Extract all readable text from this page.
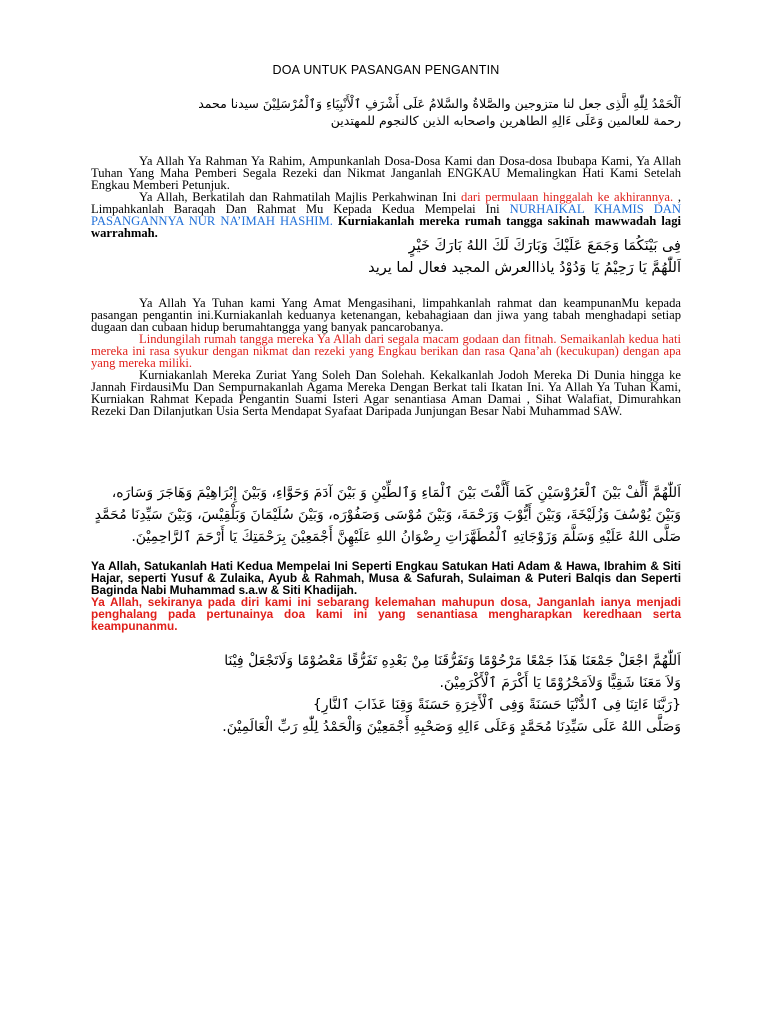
DOA UNTUK PASANGAN PENGANTIN
اَلْحَمْدُ لِلّٰهِ الَّذِى جعل لنا متزوجين والصَّلاةُ والسَّلامُ عَلَى أَشْرَفِ ٱلْأَنْبِيَاءِ وَٱلْمُرْسَلِيْنَ سيدنا محمد
رحمة للعالمين وَعَلَى ءَالِهِ الطاهرين واصحابه الذين كالنجوم للمهتدين

Ya Allah Ya Rahman Ya Rahim, Ampunkanlah Dosa-Dosa Kami dan Dosa-dosa Ibubapa Kami, Ya Allah Tuhan Yang Maha Pemberi Segala Rezeki dan Nikmat Janganlah ENGKAU Memalingkan Hati Kami Setelah Engkau Memberi Petunjuk.

Ya Allah, Berkatilah dan Rahmatilah Majlis Perkahwinan Ini dari permulaan hinggalah ke akhirannya. , Limpahkanlah Baraqah Dan Rahmat Mu Kepada Kedua Mempelai Ini NURHAIKAL KHAMIS DAN PASANGANNYA NUR NA’IMAH HASHIM. Kurniakanlah mereka rumah tangga sakinah mawwadah lagi warrahmah.

فِى بَيْنَكُمَا وَجَمَعَ عَلَيْكَ وَبَارَكَ لَكَ اللهُ بَارَكَ خَيْرٍ
اَللّٰهُمَّ يَا رَحِيْمُ يَا وَدُوْدُ ياذاالعرش المجيد فعال لما يريد

Ya Allah Ya Tuhan kami Yang Amat Mengasihani, limpahkanlah rahmat dan keampunanMu kepada pasangan pengantin ini.Kurniakanlah keduanya ketenangan, kebahagiaan dan jiwa yang tabah menghadapi setiap dugaan dan cubaan hidup berumahtangga yang banyak pancarobanya.

Lindungilah rumah tangga mereka Ya Allah dari segala macam godaan dan fitnah. Semaikanlah kedua hati mereka ini rasa syukur dengan nikmat dan rezeki yang Engkau berikan dan rasa Qana’ah (kecukupan) dengan apa yang mereka miliki.

Kurniakanlah Mereka Zuriat Yang Soleh Dan Solehah. Kekalkanlah Jodoh Mereka Di Dunia hingga ke Jannah FirdausiMu Dan Sempurnakanlah Agama Mereka Dengan Berkat tali Ikatan Ini. Ya Allah Ya Tuhan Kami, Kurniakan Rahmat Kepada Pengantin Suami Isteri Agar senantiasa Aman Damai , Sihat Walafiat, Dimurahkan Rezeki Dan Dilanjutkan Usia Serta Mendapat Syafaat Daripada Junjungan Besar Nabi Muhammad SAW.

اَللّٰهُمَّ أَلِّفْ بَيْنَ ٱلْعَرُوْسَيْنِ كَمَا أَلَّفْتَ بَيْنَ ٱلْمَاءِ وَٱلطِّيْنِ وَ بَيْنَ آدَمَ وَحَوَّاءِ، وَبَيْنَ إِبْرَاهِيْمَ وَهَاجَرَ وَسَارَه، وَبَيْنَ يُوْسُفَ وَزُلَيْخَةَ، وَبَيْنَ أَيُّوْبَ وَرَحْمَةَ، وَبَيْنَ مُوْسَى وَصَفُوْرَه، وَبَيْنَ سُلَيْمَانَ وَبَلْقِيْسَ، وَبَيْنَ سَيِّدِنَا مُحَمَّدٍ صَلَّى اللهُ عَلَيْهِ وَسَلَّمَ وَزَوْجَاتِهِ ٱلْمُطَهَّرَاتِ رِضْوَانُ اللهِ عَلَيْهِنَّ أَجْمَعِيْنَ بِرَحْمَتِكَ يَا أَرْحَمَ ٱلرَّاحِمِيْنَ.

Ya Allah, Satukanlah Hati Kedua Mempelai Ini Seperti Engkau Satukan Hati Adam & Hawa, Ibrahim & Siti Hajar, seperti Yusuf & Zulaika, Ayub & Rahmah, Musa & Safurah, Sulaiman & Puteri Balqis dan Seperti Baginda Nabi Muhammad s.a.w & Siti Khadijah.

Ya Allah, sekiranya pada diri kami ini sebarang kelemahan mahupun dosa, Janganlah ianya menjadi penghalang pada pertunainya doa kami ini yang senantiasa mengharapkan keredhaan serta keampunanmu.

اَللّٰهُمَّ اجْعَلْ جَمْعَنَا هَذَا جَمْعًا مَرْحُوْمًا وَتَفَرُّقَنَا مِنْ بَعْدِهِ تَفَرُّقًا مَعْصُوْمًا وَلَاتَجْعَلْ فِيْنَا
وَلاَ مَعَنَا شَقِيًّا وَلاَمَحْرُوْمًا يَا أَكْرَمَ ٱلْأَكْرَمِيْنَ.
{رَبَّنَا ءَاتِنَا فِى ٱلدُّنْيَا حَسَنَةً وَفِى ٱلْأَخِرَةِ حَسَنَةً وَقِنَا عَذَابَ ٱلنَّارِ}
وَصَلَّى اللهُ عَلَى سَيِّدِنَا مُحَمَّدٍ وَعَلَى ءَالِهِ وَصَحْبِهِ أَجْمَعِيْنَ وَالْحَمْدُ لِلّٰهِ رَبِّ الْعَالَمِيْنَ.
